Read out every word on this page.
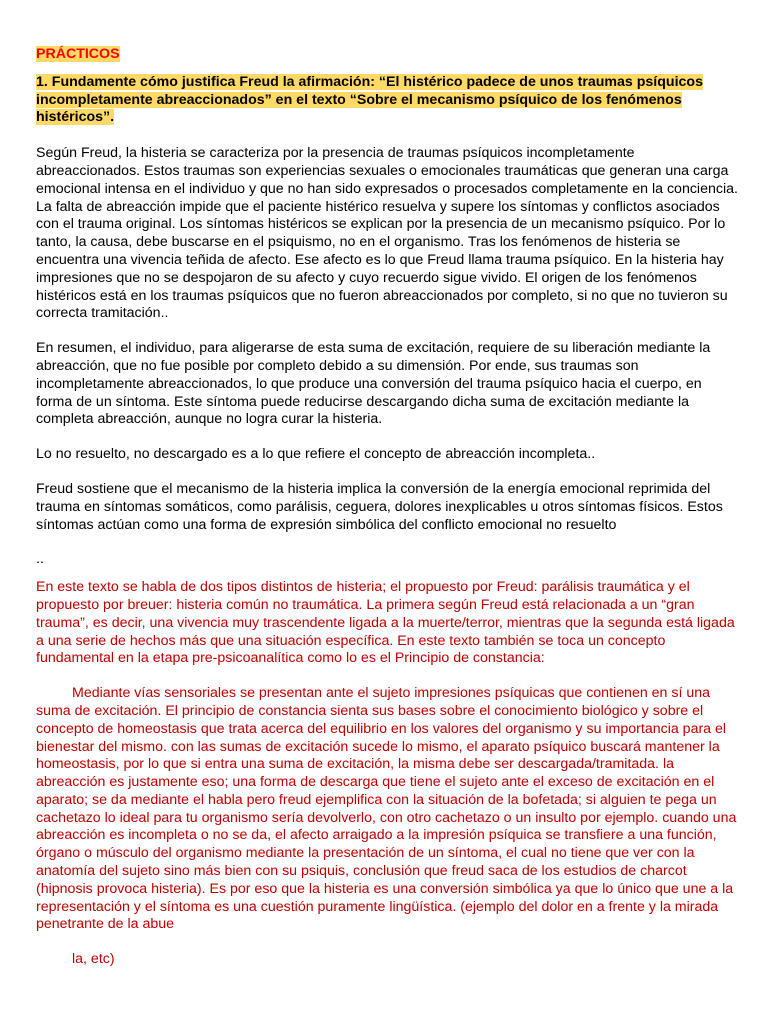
PRÁCTICOS
1. Fundamente cómo justifica Freud la afirmación: “El histérico padece de unos traumas psíquicos incompletamente abreaccionados” en el texto “Sobre el mecanismo psíquico de los fenómenos histéricos”.

Según Freud, la histeria se caracteriza por la presencia de traumas psíquicos incompletamente abreaccionados. Estos traumas son experiencias sexuales o emocionales traumáticas que generan una carga emocional intensa en el individuo y que no han sido expresados o procesados completamente en la conciencia. La falta de abreacción impide que el paciente histérico resuelva y supere los síntomas y conflictos asociados con el trauma original. Los síntomas histéricos se explican por la presencia de un mecanismo psíquico. Por lo tanto, la causa, debe buscarse en el psiquismo, no en el organismo. Tras los fenómenos de histeria se encuentra una vivencia teñida de afecto. Ese afecto es lo que Freud llama trauma psíquico. En la histeria hay impresiones que no se despojaron de su afecto y cuyo recuerdo sigue vivido. El origen de los fenómenos histéricos está en los traumas psíquicos que no fueron abreaccionados por completo, si no que no tuvieron su correcta tramitación..

En resumen, el individuo, para aligerarse de esta suma de excitación, requiere de su liberación mediante la abreacción, que no fue posible por completo debido a su dimensión. Por ende, sus traumas son incompletamente abreaccionados, lo que produce una conversión del trauma psíquico hacia el cuerpo, en forma de un síntoma. Este síntoma puede reducirse descargando dicha suma de excitación mediante la completa abreacción, aunque no logra curar la histeria.

Lo no resuelto, no descargado es a lo que refiere el concepto de abreacción incompleta..

Freud sostiene que el mecanismo de la histeria implica la conversión de la energía emocional reprimida del trauma en síntomas somáticos, como parálisis, ceguera, dolores inexplicables u otros síntomas físicos. Estos síntomas actúan como una forma de expresión simbólica del conflicto emocional no resuelto

..

En este texto se habla de dos tipos distintos de histeria; el propuesto por Freud: parálisis traumática y el propuesto por breuer: histeria común no traumática. La primera según Freud está relacionada a un “gran trauma”, es decir, una vivencia muy trascendente ligada a la muerte/terror, mientras que la segunda está ligada a una serie de hechos más que una situación específica. En este texto también se toca un concepto fundamental en la etapa pre-psicoanalítica como lo es el Principio de constancia:

Mediante vías sensoriales se presentan ante el sujeto impresiones psíquicas que contienen en sí una suma de excitación. El principio de constancia sienta sus bases sobre el conocimiento biológico y sobre el concepto de homeostasis que trata acerca del equilibrio en los valores del organismo y su importancia para el bienestar del mismo. con las sumas de excitación sucede lo mismo, el aparato psíquico buscará mantener la homeostasis, por lo que si entra una suma de excitación, la misma debe ser descargada/tramitada. la abreacción es justamente eso; una forma de descarga que tiene el sujeto ante el exceso de excitación en el aparato; se da mediante el habla pero freud ejemplifica con la situación de la bofetada; si alguien te pega un cachetazo lo ideal para tu organismo sería devolverlo, con otro cachetazo o un insulto por ejemplo. cuando una abreacción es incompleta o no se da, el afecto arraigado a la impresión psíquica se transfiere a una función, órgano o músculo del organismo mediante la presentación de un síntoma, el cual no tiene que ver con la anatomía del sujeto sino más bien con su psiquis, conclusión que freud saca de los estudios de charcot (hipnosis provoca histeria). Es por eso que la histeria es una conversión simbólica ya que lo único que une a la representación y el síntoma es una cuestión puramente lingüística. (ejemplo del dolor en a frente y la mirada penetrante de la abue

la, etc)
